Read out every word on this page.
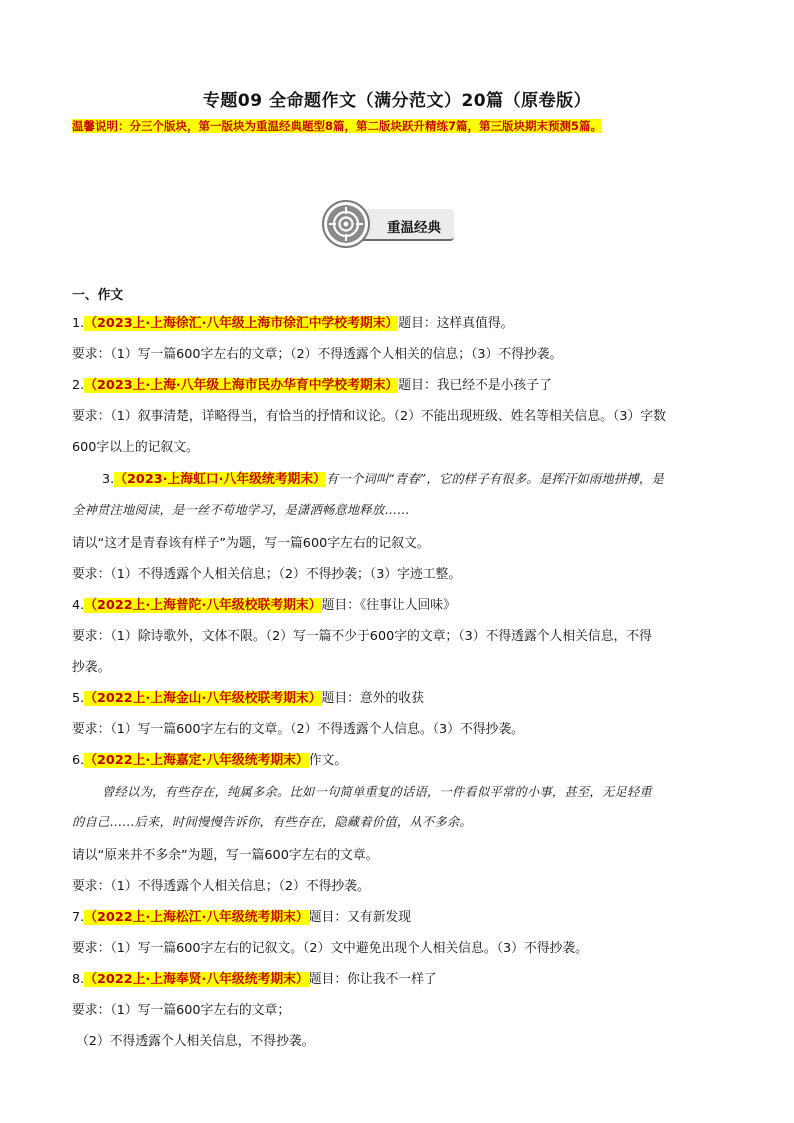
专题09 全命题作文（满分范文）20篇（原卷版）
温馨说明：分三个版块，第一版块为重温经典题型8篇，第二版块跃升精练7篇，第三版块期末预测5篇。
重温经典
一、作文
1.（2023上·上海徐汇·八年级上海市徐汇中学校考期末）题目：这样真值得。
要求：（1）写一篇600字左右的文章；（2）不得透露个人相关的信息；（3）不得抄袭。
2.（2023上·上海·八年级上海市民办华育中学校考期末）题目：我已经不是小孩子了
要求：（1）叙事清楚，详略得当，有恰当的抒情和议论。（2）不能出现班级、姓名等相关信息。（3）字数
600字以上的记叙文。
3.（2023·上海虹口·八年级统考期末）有一个词叫“青春”，它的样子有很多。是挥汗如雨地拼搏，是
全神贯注地阅读，是一丝不苟地学习，是潇洒畅意地释放……
请以“这才是青春该有样子”为题，写一篇600字左右的记叙文。
要求：（1）不得透露个人相关信息；（2）不得抄袭；（3）字迹工整。
4.（2022上·上海普陀·八年级校联考期末）题目：《往事让人回味》
要求：（1）除诗歌外，文体不限。（2）写一篇不少于600字的文章；（3）不得透露个人相关信息，不得
抄袭。
5.（2022上·上海金山·八年级校联考期末）题目：意外的收获
要求：（1）写一篇600字左右的文章。（2）不得透露个人信息。（3）不得抄袭。
6.（2022上·上海嘉定·八年级统考期末）作文。
曾经以为，有些存在，纯属多余。比如一句简单重复的话语，一件看似平常的小事，甚至，无足轻重
的自己……后来，时间慢慢告诉你，有些存在，隐藏着价值，从不多余。
请以“原来并不多余”为题，写一篇600字左右的文章。
要求：（1）不得透露个人相关信息；（2）不得抄袭。
7.（2022上·上海松江·八年级统考期末）题目：又有新发现
要求：（1）写一篇600字左右的记叙文。（2）文中避免出现个人相关信息。（3）不得抄袭。
8.（2022上·上海奉贤·八年级统考期末）题目：你让我不一样了
要求：（1）写一篇600字左右的文章；
（2）不得透露个人相关信息，不得抄袭。
